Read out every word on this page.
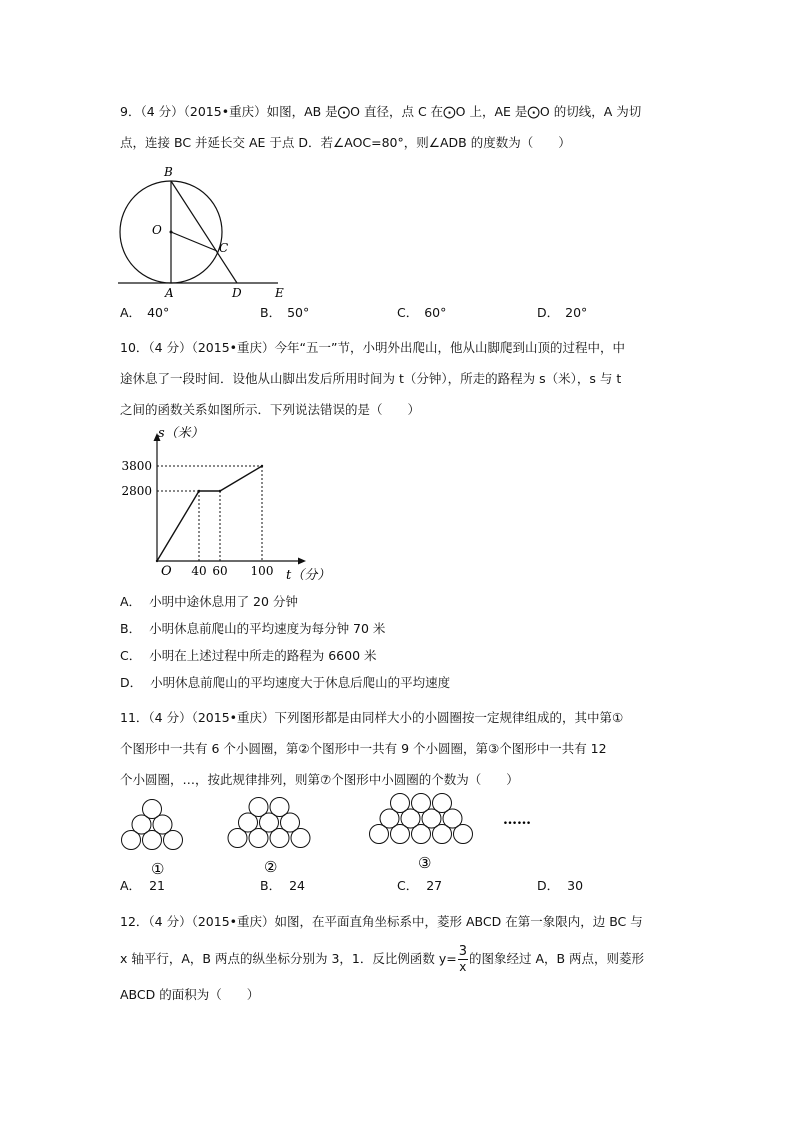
9．（4 分）（2015•重庆）如图，AB 是⨀O 直径，点 C 在⨀O 上，AE 是⨀O 的切线，A 为切
点，连接 BC 并延长交 AE 于点 D．若∠AOC=80°，则∠ADB 的度数为（　　）
B
O
C
A	D	E
A． 40°	B． 50°	C． 60°	D． 20°
10．（4 分）（2015•重庆）今年“五一”节，小明外出爬山，他从山脚爬到山顶的过程中，中
途休息了一段时间．设他从山脚出发后所用时间为 t（分钟），所走的路程为 s（米），s 与 t
之间的函数关系如图所示．下列说法错误的是（　　）
s（米）
t（分）
O 40 60 100
2800
3800
A． 小明中途休息用了 20 分钟
B． 小明休息前爬山的平均速度为每分钟 70 米
C． 小明在上述过程中所走的路程为 6600 米
D． 小明休息前爬山的平均速度大于休息后爬山的平均速度
11．（4 分）（2015•重庆）下列图形都是由同样大小的小圆圈按一定规律组成的，其中第①
个图形中一共有 6 个小圆圈，第②个图形中一共有 9 个小圆圈，第③个图形中一共有 12
个小圆圈，…，按此规律排列，则第⑦个图形中小圆圈的个数为（　　）
①	②	③
……
A． 21	B． 24	C． 27	D． 30
12．（4 分）（2015•重庆）如图，在平面直角坐标系中，菱形 ABCD 在第一象限内，边 BC 与
x 轴平行，A，B 两点的纵坐标分别为 3，1．反比例函数 $y= \frac{3}{x}$ 的图象经过 A，B 两点，则菱形
ABCD 的面积为（　　）
